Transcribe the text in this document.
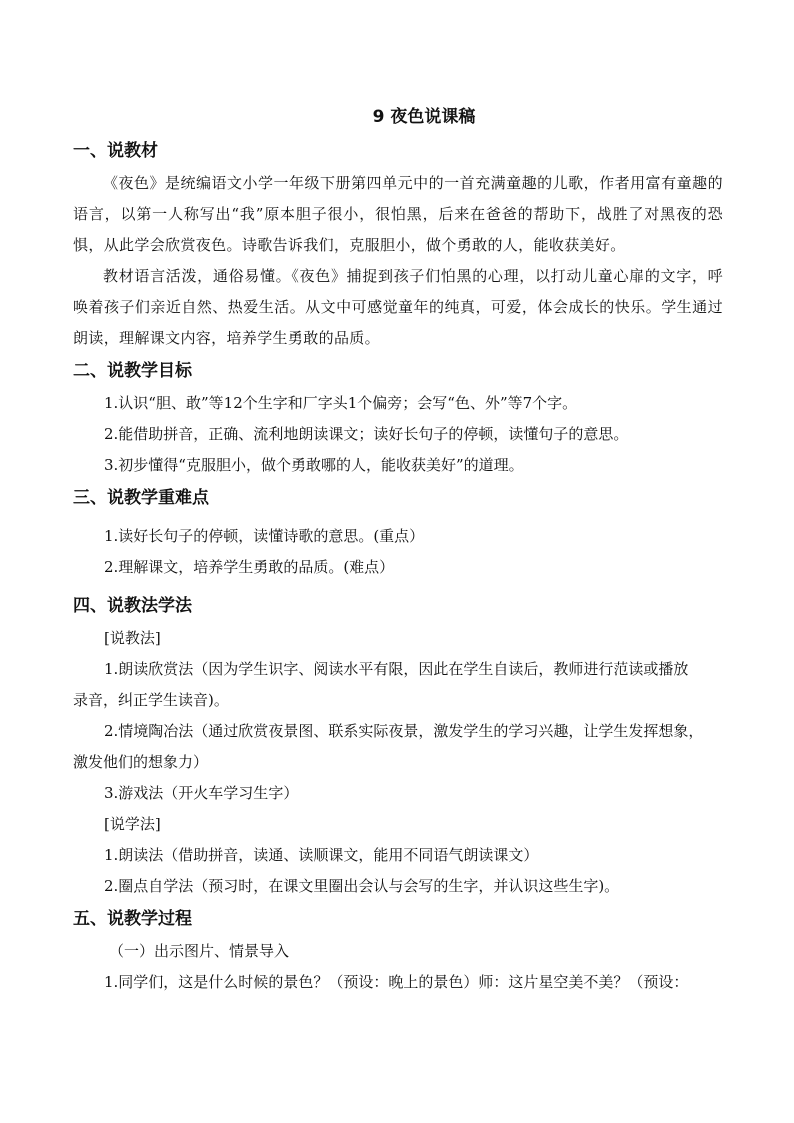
9 夜色说课稿
一、说教材
《夜色》是统编语文小学一年级下册第四单元中的一首充满童趣的儿歌，作者用富有童趣的语言，以第一人称写出“我”原本胆子很小，很怕黑，后来在爸爸的帮助下，战胜了对黑夜的恐惧，从此学会欣赏夜色。诗歌告诉我们，克服胆小，做个勇敢的人，能收获美好。
教材语言活泼，通俗易懂。《夜色》捕捉到孩子们怕黑的心理，以打动儿童心扉的文字，呼唤着孩子们亲近自然、热爱生活。从文中可感觉童年的纯真，可爱，体会成长的快乐。学生通过朗读，理解课文内容，培养学生勇敢的品质。
二、说教学目标
1.认识“胆、敢”等12个生字和厂字头1个偏旁；会写“色、外”等7个字。
2.能借助拼音，正确、流利地朗读课文；读好长句子的停顿，读懂句子的意思。
3.初步懂得“克服胆小，做个勇敢哪的人，能收获美好”的道理。
三、说教学重难点
1.读好长句子的停顿，读懂诗歌的意思。(重点）
2.理解课文，培养学生勇敢的品质。(难点）
四、说教法学法
[说教法]
1.朗读欣赏法（因为学生识字、阅读水平有限，因此在学生自读后，教师进行范读或播放
录音，纠正学生读音)。
2.情境陶冶法（通过欣赏夜景图、联系实际夜景，激发学生的学习兴趣，让学生发挥想象，
激发他们的想象力）
3.游戏法（开火车学习生字）
[说学法]
1.朗读法（借助拼音，读通、读顺课文，能用不同语气朗读课文）
2.圈点自学法（预习时，在课文里圈出会认与会写的生字，并认识这些生字)。
五、说教学过程
（一）出示图片、情景导入
1.同学们，这是什么时候的景色？（预设：晚上的景色）师：这片星空美不美？（预设：
